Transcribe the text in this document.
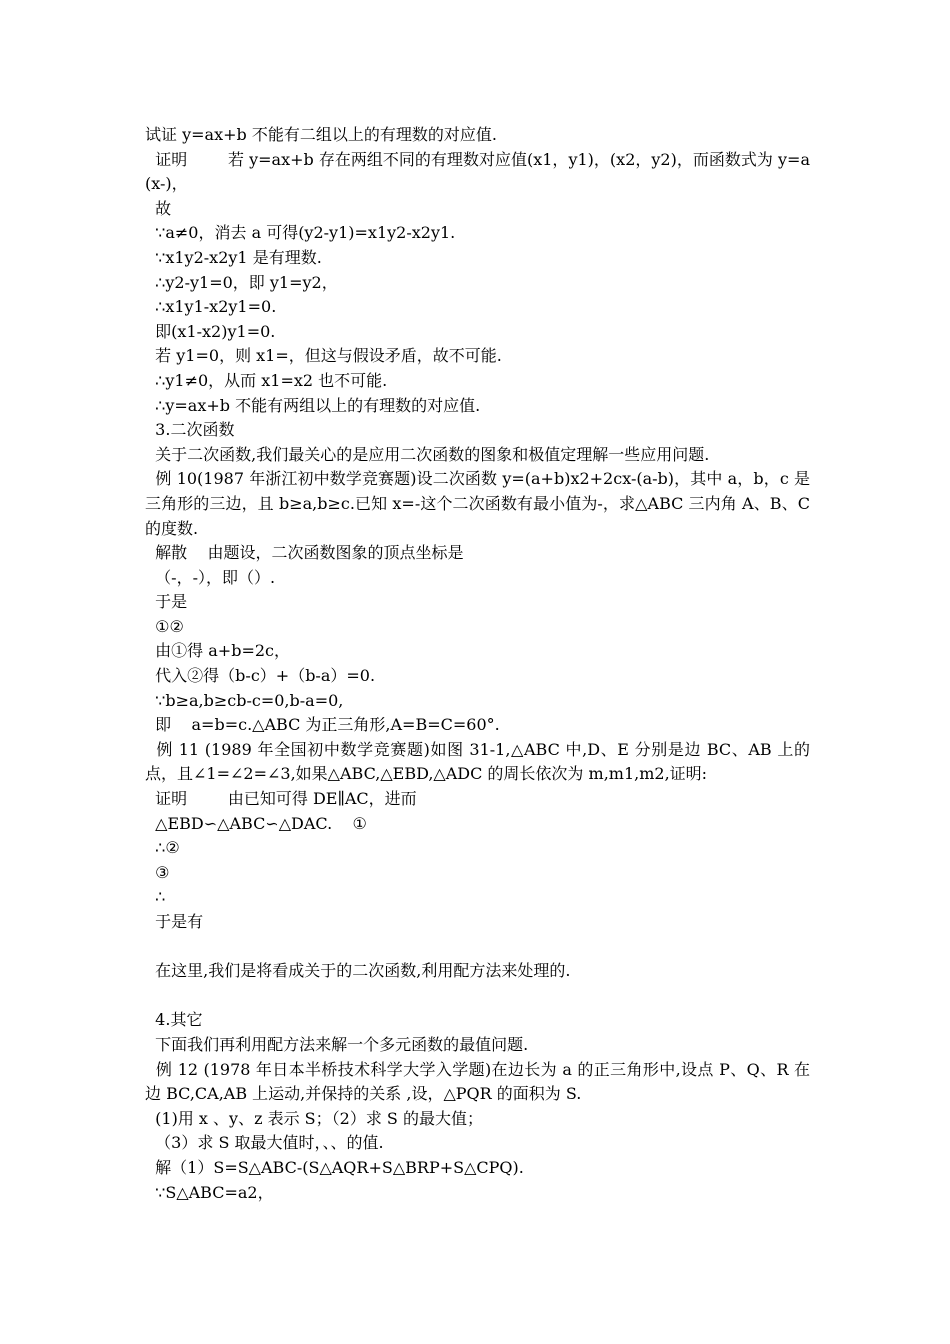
试证 y=ax+b 不能有二组以上的有理数的对应值.
证明        若 y=ax+b 存在两组不同的有理数对应值(x1，y1)，(x2，y2)，而函数式为 y=a(x-)，
故
∵a≠0，消去 a 可得(y2-y1)=x1y2-x2y1.
∵x1y2-x2y1 是有理数.
∴y2-y1=0，即 y1=y2，
∴x1y1-x2y1=0.
即(x1-x2)y1=0.
若 y1=0，则 x1=，但这与假设矛盾，故不可能.
∴y1≠0，从而 x1=x2 也不可能.
∴y=ax+b 不能有两组以上的有理数的对应值.
3.二次函数
关于二次函数,我们最关心的是应用二次函数的图象和极值定理解一些应用问题.
例 10(1987 年浙江初中数学竞赛题)设二次函数 y=(a+b)x2+2cx-(a-b)，其中 a，b，c 是三角形的三边，且 b≥a,b≥c.已知 x=-这个二次函数有最小值为-，求△ABC 三内角 A、B、C 的度数.
解散    由题设，二次函数图象的顶点坐标是
（-，-），即（）.
于是
①②
由①得 a+b=2c，
代入②得（b-c）+（b-a）=0.
∵b≥a,b≥cb-c=0,b-a=0,
即    a=b=c.△ABC 为正三角形,A=B=C=60°.
例 11 (1989 年全国初中数学竞赛题)如图 31-1,△ABC 中,D、E 分别是边 BC、AB 上的点，且∠1=∠2=∠3,如果△ABC,△EBD,△ADC 的周长依次为 m,m1,m2,证明:
证明        由已知可得 DE∥AC，进而
△EBD∽△ABC∽△DAC.    ①
∴②
③
∴
于是有
在这里,我们是将看成关于的二次函数,利用配方法来处理的.
4.其它
下面我们再利用配方法来解一个多元函数的最值问题.
例 12 (1978 年日本半桥技术科学大学入学题)在边长为 a 的正三角形中,设点 P、Q、R 在边 BC,CA,AB 上运动,并保持的关系 ,设，△PQR 的面积为 S.
(1)用 x 、y、z 表示 S；（2）求 S 的最大值；
（3）求 S 取最大值时，、、的值.
解（1）S=S△ABC-(S△AQR+S△BRP+S△CPQ).
∵S△ABC=a2，
